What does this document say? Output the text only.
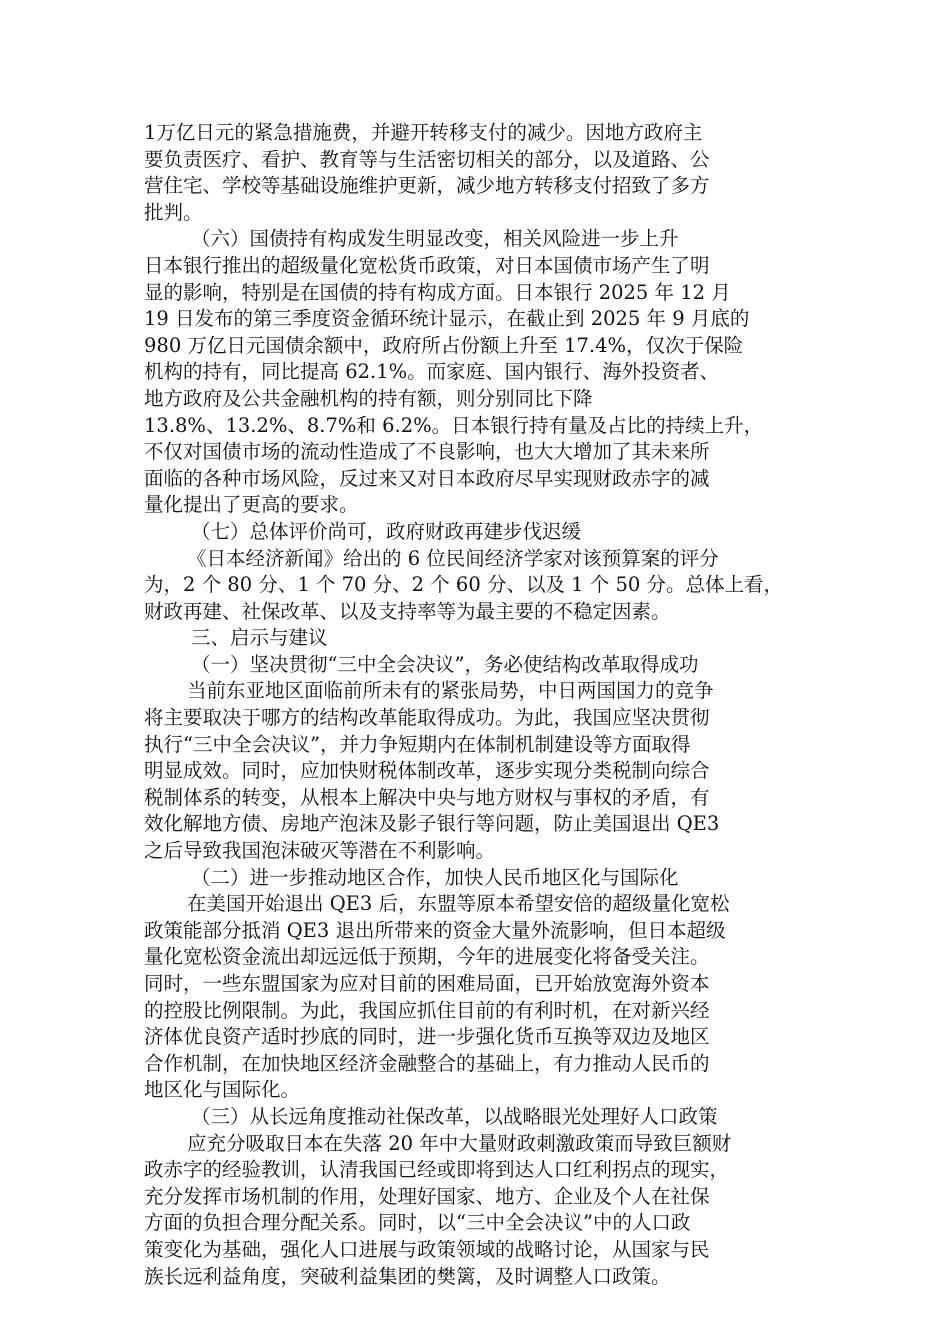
1万亿日元的紧急措施费，并避开转移支付的减少。因地方政府主
要负责医疗、看护、教育等与生活密切相关的部分，以及道路、公
营住宅、学校等基础设施维护更新，减少地方转移支付招致了多方
批判。
（六）国债持有构成发生明显改变，相关风险进一步上升
日本银行推出的超级量化宽松货币政策，对日本国债市场产生了明
显的影响，特别是在国债的持有构成方面。日本银行 2025 年 12 月
19 日发布的第三季度资金循环统计显示，在截止到 2025 年 9 月底的
980 万亿日元国债余额中，政府所占份额上升至 17.4%，仅次于保险
机构的持有，同比提高 62.1%。而家庭、国内银行、海外投资者、
地方政府及公共金融机构的持有额，则分别同比下降
13.8%、13.2%、8.7%和 6.2%。日本银行持有量及占比的持续上升，
不仅对国债市场的流动性造成了不良影响，也大大增加了其未来所
面临的各种市场风险，反过来又对日本政府尽早实现财政赤字的减
量化提出了更高的要求。
（七）总体评价尚可，政府财政再建步伐迟缓
《日本经济新闻》给出的 6 位民间经济学家对该预算案的评分
为，2 个 80 分、1 个 70 分、2 个 60 分、以及 1 个 50 分。总体上看，
财政再建、社保改革、以及支持率等为最主要的不稳定因素。
三、启示与建议
（一）坚决贯彻“三中全会决议”，务必使结构改革取得成功
当前东亚地区面临前所未有的紧张局势，中日两国国力的竞争
将主要取决于哪方的结构改革能取得成功。为此，我国应坚决贯彻
执行“三中全会决议”，并力争短期内在体制机制建设等方面取得
明显成效。同时，应加快财税体制改革，逐步实现分类税制向综合
税制体系的转变，从根本上解决中央与地方财权与事权的矛盾，有
效化解地方债、房地产泡沫及影子银行等问题，防止美国退出 QE3
之后导致我国泡沫破灭等潜在不利影响。
（二）进一步推动地区合作，加快人民币地区化与国际化
在美国开始退出 QE3 后，东盟等原本希望安倍的超级量化宽松
政策能部分抵消 QE3 退出所带来的资金大量外流影响，但日本超级
量化宽松资金流出却远远低于预期，今年的进展变化将备受关注。
同时，一些东盟国家为应对目前的困难局面，已开始放宽海外资本
的控股比例限制。为此，我国应抓住目前的有利时机，在对新兴经
济体优良资产适时抄底的同时，进一步强化货币互换等双边及地区
合作机制，在加快地区经济金融整合的基础上，有力推动人民币的
地区化与国际化。
（三）从长远角度推动社保改革，以战略眼光处理好人口政策
应充分吸取日本在失落 20 年中大量财政刺激政策而导致巨额财
政赤字的经验教训，认清我国已经或即将到达人口红利拐点的现实，
充分发挥市场机制的作用，处理好国家、地方、企业及个人在社保
方面的负担合理分配关系。同时，以“三中全会决议”中的人口政
策变化为基础，强化人口进展与政策领域的战略讨论，从国家与民
族长远利益角度，突破利益集团的樊篱，及时调整人口政策。
